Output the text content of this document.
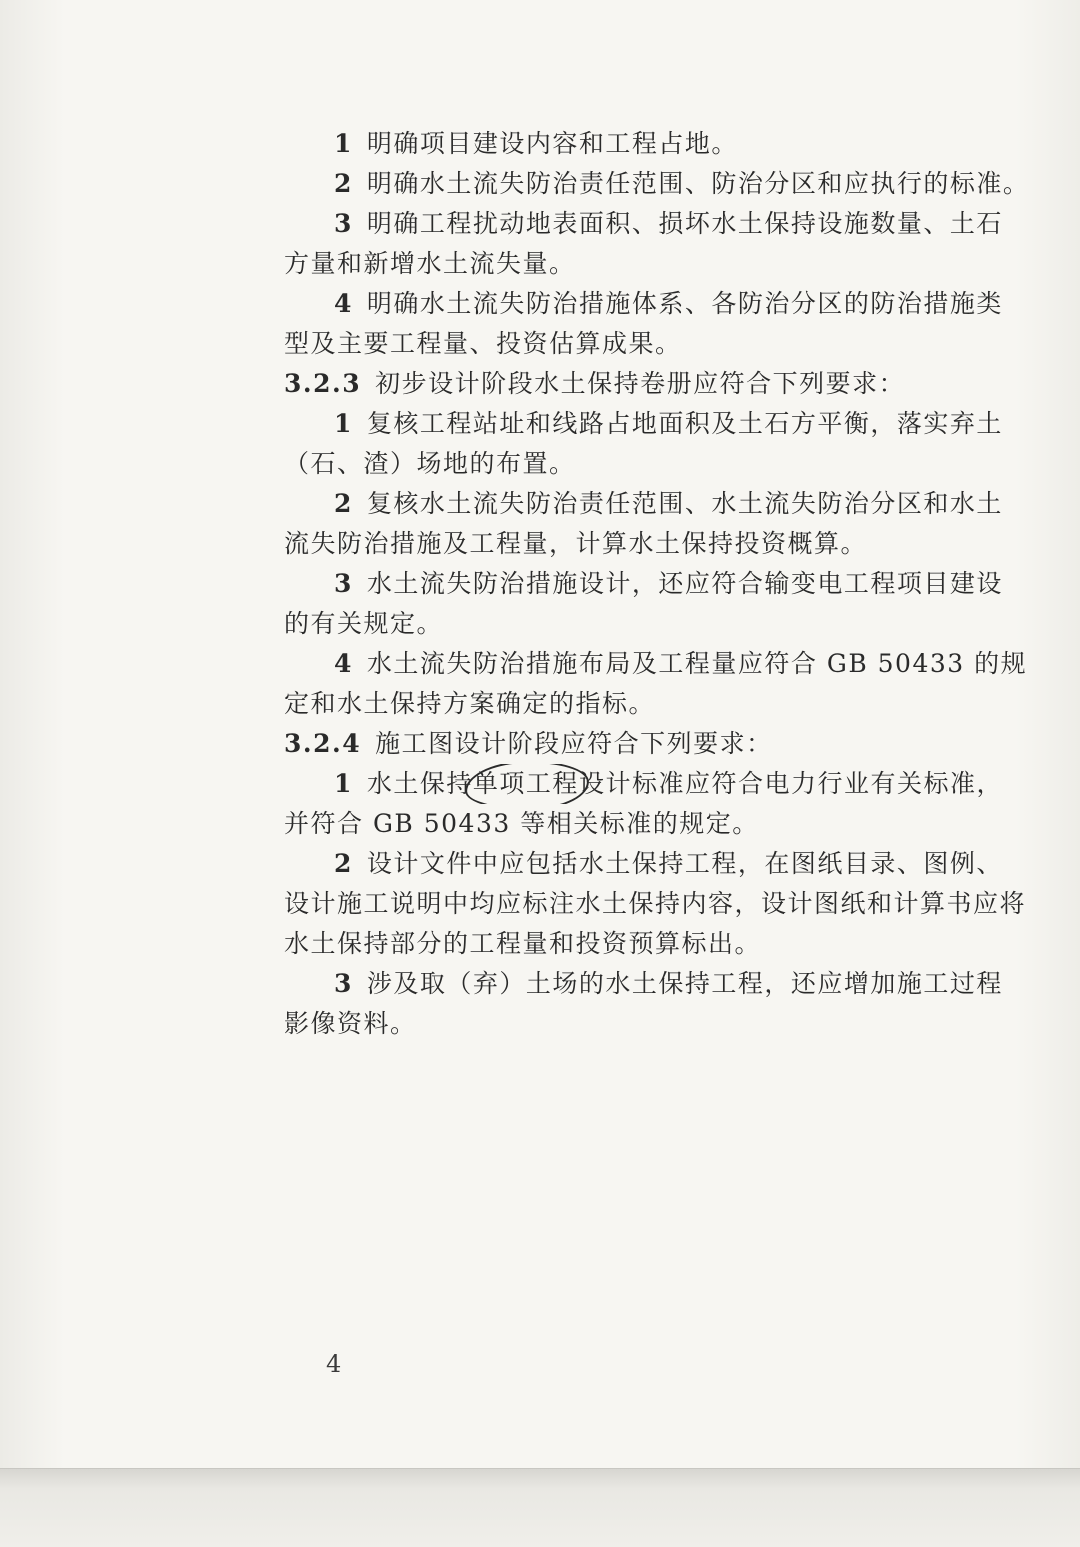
1 明确项目建设内容和工程占地。
2 明确水土流失防治责任范围、防治分区和应执行的标准。
3 明确工程扰动地表面积、损坏水土保持设施数量、土石
方量和新增水土流失量。
4 明确水土流失防治措施体系、各防治分区的防治措施类
型及主要工程量、投资估算成果。
3.2.3 初步设计阶段水土保持卷册应符合下列要求：
1 复核工程站址和线路占地面积及土石方平衡，落实弃土
（石、渣）场地的布置。
2 复核水土流失防治责任范围、水土流失防治分区和水土
流失防治措施及工程量，计算水土保持投资概算。
3 水土流失防治措施设计，还应符合输变电工程项目建设
的有关规定。
4 水土流失防治措施布局及工程量应符合 GB 50433 的规
定和水土保持方案确定的指标。
3.2.4 施工图设计阶段应符合下列要求：
1 水土保持单项工程设计标准应符合电力行业有关标准，
并符合 GB 50433 等相关标准的规定。
2 设计文件中应包括水土保持工程，在图纸目录、图例、
设计施工说明中均应标注水土保持内容，设计图纸和计算书应将
水土保持部分的工程量和投资预算标出。
3 涉及取（弃）土场的水土保持工程，还应增加施工过程
影像资料。
4
